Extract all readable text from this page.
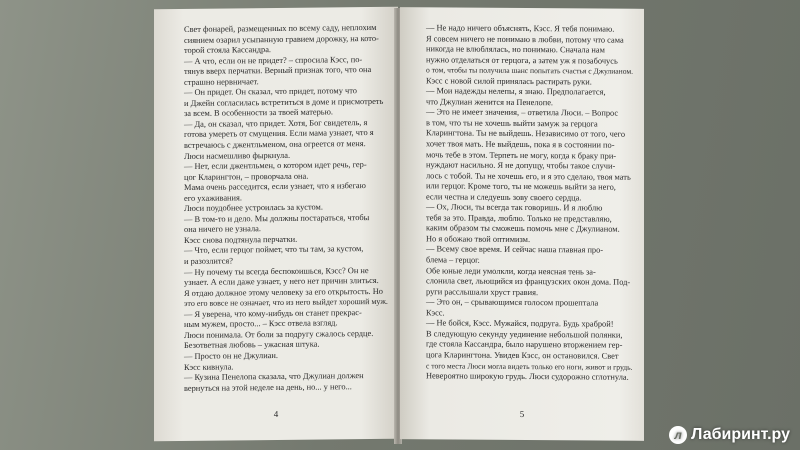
Свет фонарей, размещенных по всему саду, неплохим

сиянием озарил усыпанную гравием дорожку, на кото-

торой стояла Кассандра.

— А что, если он не придет? – спросила Кэсс, по-

тянув вверх перчатки. Верный признак того, что она

страшно нервничает.

— Он придет. Он сказал, что придет, потому что

и Джейн согласилась встретиться в доме и присмотреть

за всем. В особенности за твоей матерью.

— Да, он сказал, что придет. Хотя, Бог свидетель, я

готова умереть от смущения. Если мама узнает, что я

встречаюсь с джентльменом, она огреется от меня.

Люси насмешливо фыркнула.

— Нет, если джентльмен, о котором идет речь, гер-

цог Кларингтон, – проворчала она.

Мама очень расседится, если узнает, что я избегаю

его ухаживания.

Люси поудобнее устроилась за кустом.

— В том-то и дело. Мы должны постараться, чтобы

она ничего не узнала.

Кэсс снова подтянула перчатки.

— Что, если герцог поймет, что ты там, за кустом,

и разозлится?

— Ну почему ты всегда беспокоишься, Кэсс? Он не

узнает. А если даже узнает, у него нет причин злиться.

Я отдаю должное этому человеку за его открытость. Но

это его вовсе не означает, что из него выйдет хороший муж.

— Я уверена, что кому-нибудь он станет прекрас-

ным мужем, просто... – Кэсс отвела взгляд.

Люси понимала. От боли за подругу сжалось сердце.

Безответная любовь – ужасная штука.

— Просто он не Джулиан.

Кэсс кивнула.

— Кузина Пенелопа сказала, что Джулиан должен

вернуться на этой неделе на день, но... у него...

4

— Не надо ничего объяснять, Кэсс. Я тебя понимаю.

Я совсем ничего не понимаю в любви, потому что сама

никогда не влюблялась, но понимаю. Сначала нам

нужно отделаться от герцога, а затем уж я позабочусь

о том, чтобы ты получила шанс попытать счастья с Джулианом.

Кэсс с новой силой принялась растирать руки.

— Мои надежды нелепы, я знаю. Предполагается,

что Джулиан женится на Пенелопе.

— Это не имеет значения, – ответила Люси. – Вопрос

в том, что ты не хочешь выйти замуж за герцога

Кларингтона. Ты не выйдешь. Независимо от того, чего

хочет твоя мать. Не выйдешь, пока я в состоянии по-

мочь тебе в этом. Терпеть не могу, когда к браку при-

нуждают насильно. Я не допущу, чтобы такое случи-

лось с тобой. Ты не хочешь его, и я это сделаю, твоя мать

или герцог. Кроме того, ты не можешь выйти за него,

если честна и следуешь зову своего сердца.

— Ох, Люси, ты всегда так говоришь. И я люблю

тебя за это. Правда, люблю. Только не представляю,

каким образом ты сможешь помочь мне с Джулианом.

Но я обожаю твой оптимизм.

— Всему свое время. И сейчас наша главная про-

блема – герцог.

Обе юные леди умолкли, когда неясная тень за-

слонила свет, льющийся из французских окон дома. Под-

руги расслышали хруст гравия.

— Это он, – срывающимся голосом прошептала

Кэсс.

— Не бойся, Кэсс. Мужайся, подруга. Будь храброй!

В следующую секунду уединение небольшой полянки,

где стояла Кассандра, было нарушено вторжением гер-

цога Кларингтона. Увидев Кэсс, он остановился. Свет

с того места Люси могла видеть только его ноги, живот и грудь.

Невероятно широкую грудь. Люси судорожно сглотнула.

5
л Лабиринт.ру
